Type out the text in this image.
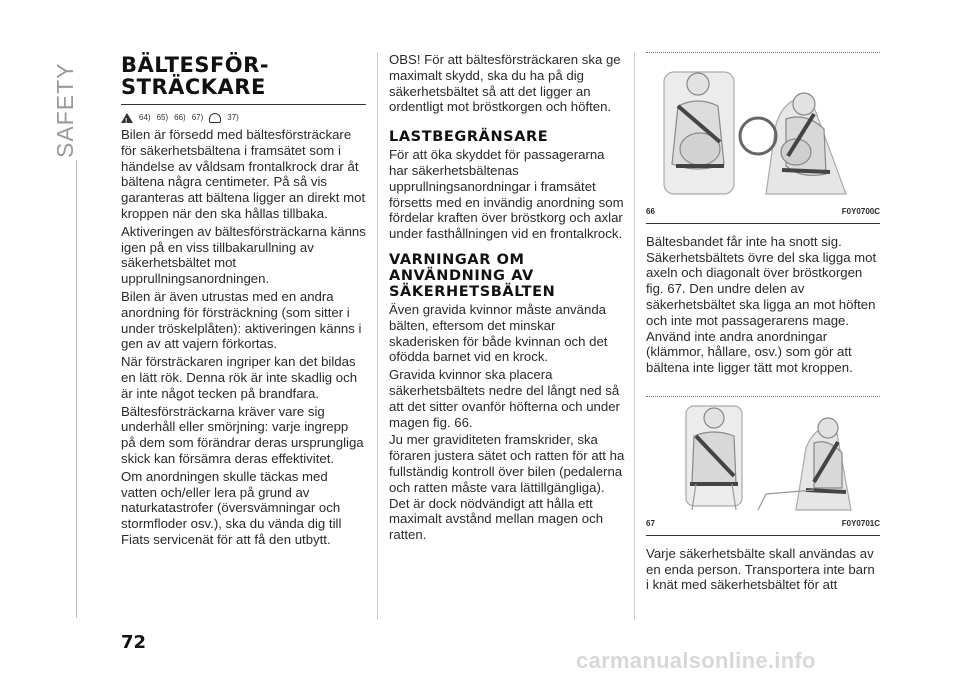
SAFETY BÄLTESFÖR-
STRÄCKARE
!
64) 65) 66) 67)	37)

Bilen är försedd med bältesförsträckare för säkerhetsbältena i framsätet som i händelse av våldsam frontalkrock drar åt bältena några centimeter. På så vis garanteras att bältena ligger an direkt mot kroppen när den ska hållas tillbaka.

Aktiveringen av bältesförsträckarna känns igen på en viss tillbakarullning av säkerhetsbältet mot upprullningsanordningen.

Bilen är även utrustas med en andra anordning för försträckning (som sitter i under tröskelplåten): aktiveringen känns i gen av att vajern förkortas.

När försträckaren ingriper kan det bildas en lätt rök. Denna rök är inte skadlig och är inte något tecken på brandfara.

Bältesförsträckarna kräver vare sig underhåll eller smörjning: varje ingrepp på dem som förändrar deras ursprungliga skick kan försämra deras effektivitet.

Om anordningen skulle täckas med vatten och/eller lera på grund av naturkatastrofer (översvämningar och stormfloder osv.), ska du vända dig till Fiats servicenät för att få den utbytt.

OBS! För att bältesförsträckaren ska ge maximalt skydd, ska du ha på dig säkerhetsbältet så att det ligger an ordentligt mot bröstkorgen och höften.

LASTBEGRÄNSARE

För att öka skyddet för passagerarna har säkerhetsbältenas upprullningsanordningar i framsätet försetts med en invändig anordning som fördelar kraften över bröstkorg och axlar under fasthållningen vid en frontalkrock.

VARNINGAR OM ANVÄNDNING AV SÄKERHETSBÄLTEN

Även gravida kvinnor måste använda bälten, eftersom det minskar skaderisken för både kvinnan och det ofödda barnet vid en krock.

Gravida kvinnor ska placera säkerhetsbältets nedre del långt ned så att det sitter ovanför höfterna och under magen fig. 66.

Ju mer graviditeten framskrider, ska föraren justera sätet och ratten för att ha fullständig kontroll över bilen (pedalerna och ratten måste vara lättillgängliga). Det är dock nödvändigt att hålla ett maximalt avstånd mellan magen och ratten.

66	F0Y0700C

Bältesbandet får inte ha snott sig. Säkerhetsbältets övre del ska ligga mot axeln och diagonalt över bröstkorgen fig. 67. Den undre delen av säkerhetsbältet ska ligga an mot höften och inte mot passagerarens mage. Använd inte andra anordningar (klämmor, hållare, osv.) som gör att bältena inte ligger tätt mot kroppen.

67	F0Y0701C

Varje säkerhetsbälte skall användas av en enda person. Transportera inte barn i knät med säkerhetsbältet för att

72
carmanualsonline.info
